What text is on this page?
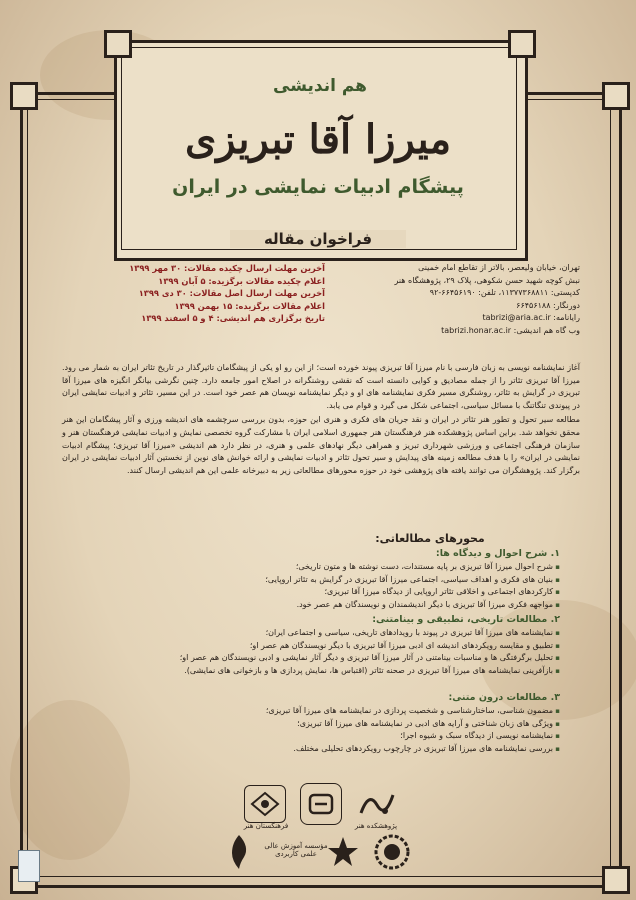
هم اندیشی
میرزا آقا تبریزی
پیشگام ادبیات نمایشی در ایران
فراخوان مقاله
تهران، خیابان ولیعصر، بالاتر از تقاطع امام خمینی
نبش کوچه شهید حسن شکوهی، پلاک ۲۹، پژوهشگاه هنر
کدپستی: ۱۱۳۷۷۳۶۸۸۱۱، تلفن: ۶۶۴۵۶۱۹۰-۹۲
دورنگار: ۶۶۴۵۶۱۸۸
رایانامه: tabrizi@aria.ac.ir
وب گاه هم اندیشی: tabrizi.honar.ac.ir
آخرین مهلت ارسال چکیده مقالات: ۳۰ مهر ۱۳۹۹
اعلام چکیده مقالات برگزیده: ۵ آبان ۱۳۹۹
آخرین مهلت ارسال اصل مقالات: ۳۰ دی ۱۳۹۹
اعلام مقالات برگزیده: ۱۵ بهمن ۱۳۹۹
تاریخ برگزاری هم اندیشی: ۴ و ۵ اسفند ۱۳۹۹

آغاز نمایشنامه نویسی به زبان فارسی با نام میرزا آقا تبریزی پیوند خورده است؛ از این رو او یکی از پیشگامان تاثیرگذار در تاریخ تئاتر ایران به شمار می رود. میرزا آقا تبریزی تئاتر را از جمله مصادیق و کوایی دانسته است که نقشی روشنگرانه در اصلاح امور جامعه دارد. چنین نگرشی بیانگر انگیزه های میرزا آقا تبریزی در گرایش به تئاتر، روشنگری مسیر فکری نمایشنامه های او و دیگر نمایشنامه نویسان هم عصر خود است. در این مسیر، تئاتر و ادبیات نمایشی ایران در پیوندی تنگاتنگ با مسائل سیاسی، اجتماعی شکل می گیرد و قوام می یابد.

مطالعه سیر تحول و تطور هنر تئاتر در ایران و نقد جریان های فکری و هنری این حوزه، بدون بررسی سرچشمه های اندیشه ورزی و آثار پیشگامان این هنر محقق نخواهد شد. براین اساس پژوهشکده هنر فرهنگستان هنر جمهوری اسلامی ایران با مشارکت گروه تخصصی نمایش و ادبیات نمایشی فرهنگستان هنر و سازمان فرهنگی اجتماعی و ورزشی شهرداری تبریز و همراهی دیگر نهادهای علمی و هنری، در نظر دارد هم اندیشی «میرزا آقا تبریزی؛ پیشگام ادبیات نمایشی در ایران» را با هدف مطالعه زمینه های پیدایش و سیر تحول تئاتر و ادبیات نمایشی و ارائه خوانش های نوین از نخستین آثار ادبیات نمایشی در ایران برگزار کند. پژوهشگران می توانند یافته های پژوهشی خود در حوزه محورهای مطالعاتی زیر به دبیرخانه علمی این هم اندیشی ارسال کنند.

محورهای مطالعاتی:
۱. شرح احوال و دیدگاه ها:
▪ شرح احوال میرزا آقا تبریزی بر پایه مستندات، دست نوشته ها و متون تاریخی؛
▪ بنیان های فکری و اهداف سیاسی، اجتماعی میرزا آقا تبریزی در گرایش به تئاتر اروپایی؛
▪ کارکردهای اجتماعی و اخلاقی تئاتر اروپایی از دیدگاه میرزا آقا تبریزی؛
▪ مواجهه فکری میرزا آقا تبریزی با دیگر اندیشمندان و نویسندگان هم عصر خود.
۲. مطالعات تاریخی، تطبیقی و بینامتنی:
▪ نمایشنامه های میرزا آقا تبریزی در پیوند با رویدادهای تاریخی، سیاسی و اجتماعی ایران؛
▪ تطبیق و مقایسه رویکردهای اندیشه ای ادبی میرزا آقا تبریزی با دیگر نویسندگان هم عصر او؛
▪ تحلیل برگرفتگی ها و مناسبات بینامتنی در آثار میرزا آقا تبریزی و دیگر آثار نمایشی و ادبی نویسندگان هم عصر او؛
▪ بازآفرینی نمایشنامه های میرزا آقا تبریزی در صحنه تئاتر (اقتباس ها، نمایش پردازی ها و بازخوانی های نمایشی).
۳. مطالعات درون متنی:
▪ مضمون شناسی، ساختارشناسی و شخصیت پردازی در نمایشنامه های میرزا آقا تبریزی؛
▪ ویژگی های زبان شناختی و آرایه های ادبی در نمایشنامه های میرزا آقا تبریزی؛
▪ نمایشنامه نویسی از دیدگاه سبک و شیوه اجرا؛
▪ بررسی نمایشنامه های میرزا آقا تبریزی در چارچوب رویکردهای تحلیلی مختلف.
مؤسسه آموزش عالی علمی کاربردی
فرهنگستان هنر	پژوهشکده هنر
